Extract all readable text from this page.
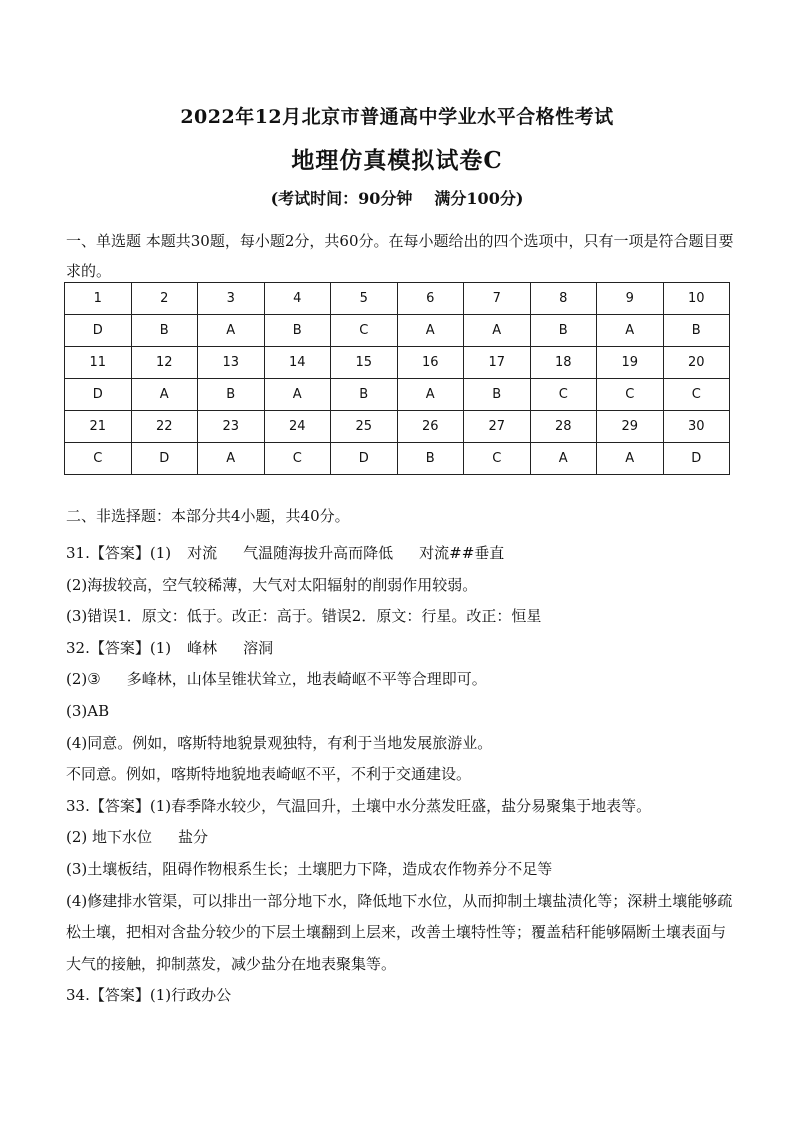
2022年12月北京市普通高中学业水平合格性考试
地理仿真模拟试卷C
(考试时间：90分钟 满分100分)
一、单选题 本题共30题，每小题2分，共60分。在每小题给出的四个选项中，只有一项是符合题目要求的。
1	2	3	4	5	6	7	8	9	10
D	B	A	B	C	A	A	B	A	B
11	12	13	14	15	16	17	18	19	20
D	A	B	A	B	A	B	C	C	C
21	22	23	24	25	26	27	28	29	30
C	D	A	C	D	B	C	A	A	D
二、非选择题：本部分共4小题，共40分。
31.【答案】(1) 对流 气温随海拔升高而降低 对流##垂直
(2)海拔较高，空气较稀薄，大气对太阳辐射的削弱作用较弱。
(3)错误1．原文：低于。改正：高于。错误2．原文：行星。改正：恒星
32.【答案】(1) 峰林 溶洞
(2)③ 多峰林，山体呈锥状耸立，地表崎岖不平等合理即可。
(3)AB
(4)同意。例如，喀斯特地貌景观独特，有利于当地发展旅游业。
不同意。例如，喀斯特地貌地表崎岖不平，不利于交通建设。
33.【答案】(1)春季降水较少，气温回升，土壤中水分蒸发旺盛，盐分易聚集于地表等。
(2) 地下水位 盐分
(3)土壤板结，阻碍作物根系生长；土壤肥力下降，造成农作物养分不足等
(4)修建排水管渠，可以排出一部分地下水，降低地下水位，从而抑制土壤盐渍化等；深耕土壤能够疏松土壤，把相对含盐分较少的下层土壤翻到上层来，改善土壤特性等；覆盖秸秆能够隔断土壤表面与大气的接触，抑制蒸发，减少盐分在地表聚集等。
34.【答案】(1)行政办公
